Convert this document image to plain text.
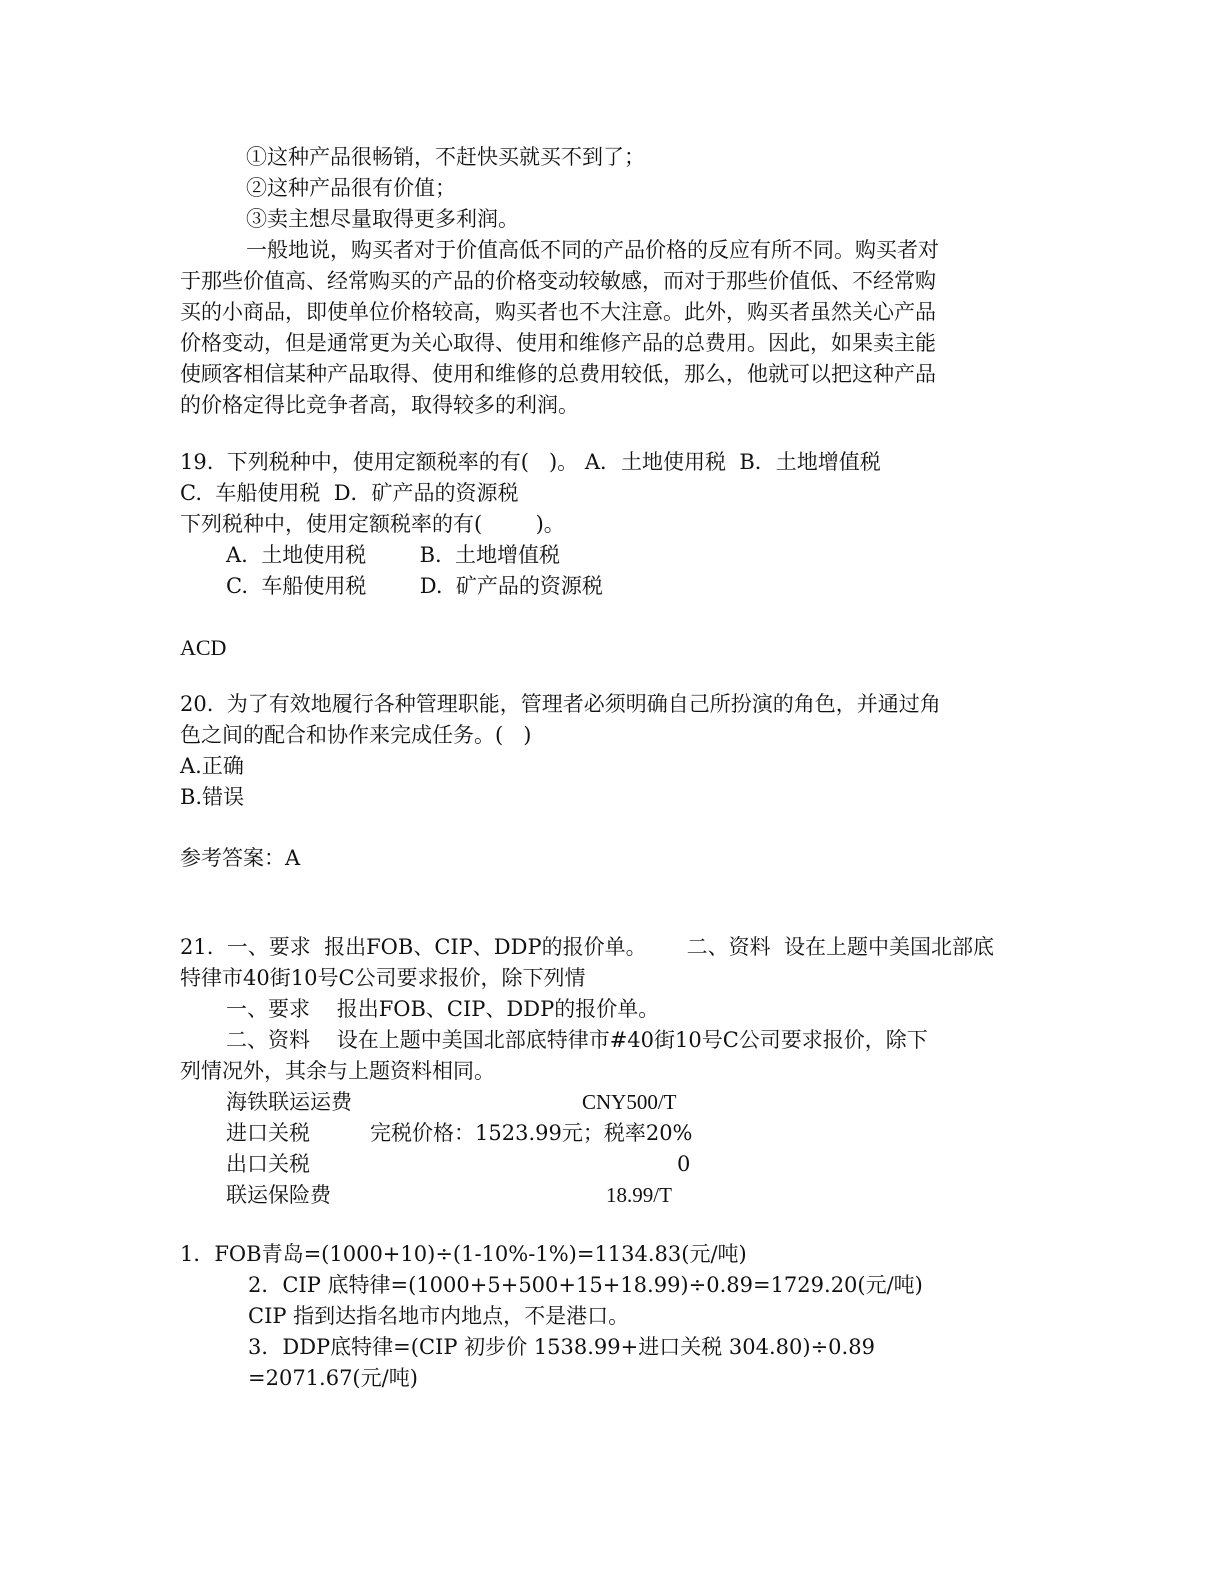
①这种产品很畅销，不赶快买就买不到了；
②这种产品很有价值；
③卖主想尽量取得更多利润。
一般地说，购买者对于价值高低不同的产品价格的反应有所不同。购买者对
于那些价值高、经常购买的产品的价格变动较敏感，而对于那些价值低、不经常购
买的小商品，即使单位价格较高，购买者也不大注意。此外，购买者虽然关心产品
价格变动，但是通常更为关心取得、使用和维修产品的总费用。因此，如果卖主能
使顾客相信某种产品取得、使用和维修的总费用较低，那么，他就可以把这种产品
的价格定得比竞争者高，取得较多的利润。
19.  下列税种中，使用定额税率的有(   )。 A．土地使用税  B．土地增值税
C.  车船使用税  D．矿产品的资源税
下列税种中，使用定额税率的有(        )。
A.  土地使用税        B.  土地增值税
C.  车船使用税        D.  矿产品的资源税
ACD
20.  为了有效地履行各种管理职能，管理者必须明确自己所扮演的角色，并通过角
色之间的配合和协作来完成任务。(   )
A.正确
B.错误
参考答案：A
21.  一、要求  报出FOB、CIP、DDP的报价单。      二、资料  设在上题中美国北部底
特律市40街10号C公司要求报价，除下列情
一、要求    报出FOB、CIP、DDP的报价单。
二、资料    设在上题中美国北部底特律市#40街10号C公司要求报价，除下
列情况外，其余与上题资料相同。
海铁联运运费	CNY500/T
进口关税	完税价格：1523.99元；税率20%
出口关税	0
联运保险费	18.99/T
1．FOB青岛=(1000+10)÷(1-10%-1%)=1134.83(元/吨)
2．CIP 底特律=(1000+5+500+15+18.99)÷0.89=1729.20(元/吨)
CIP 指到达指名地市内地点，不是港口。
3．DDP底特律=(CIP 初步价 1538.99+进口关税 304.80)÷0.89
=2071.67(元/吨)
